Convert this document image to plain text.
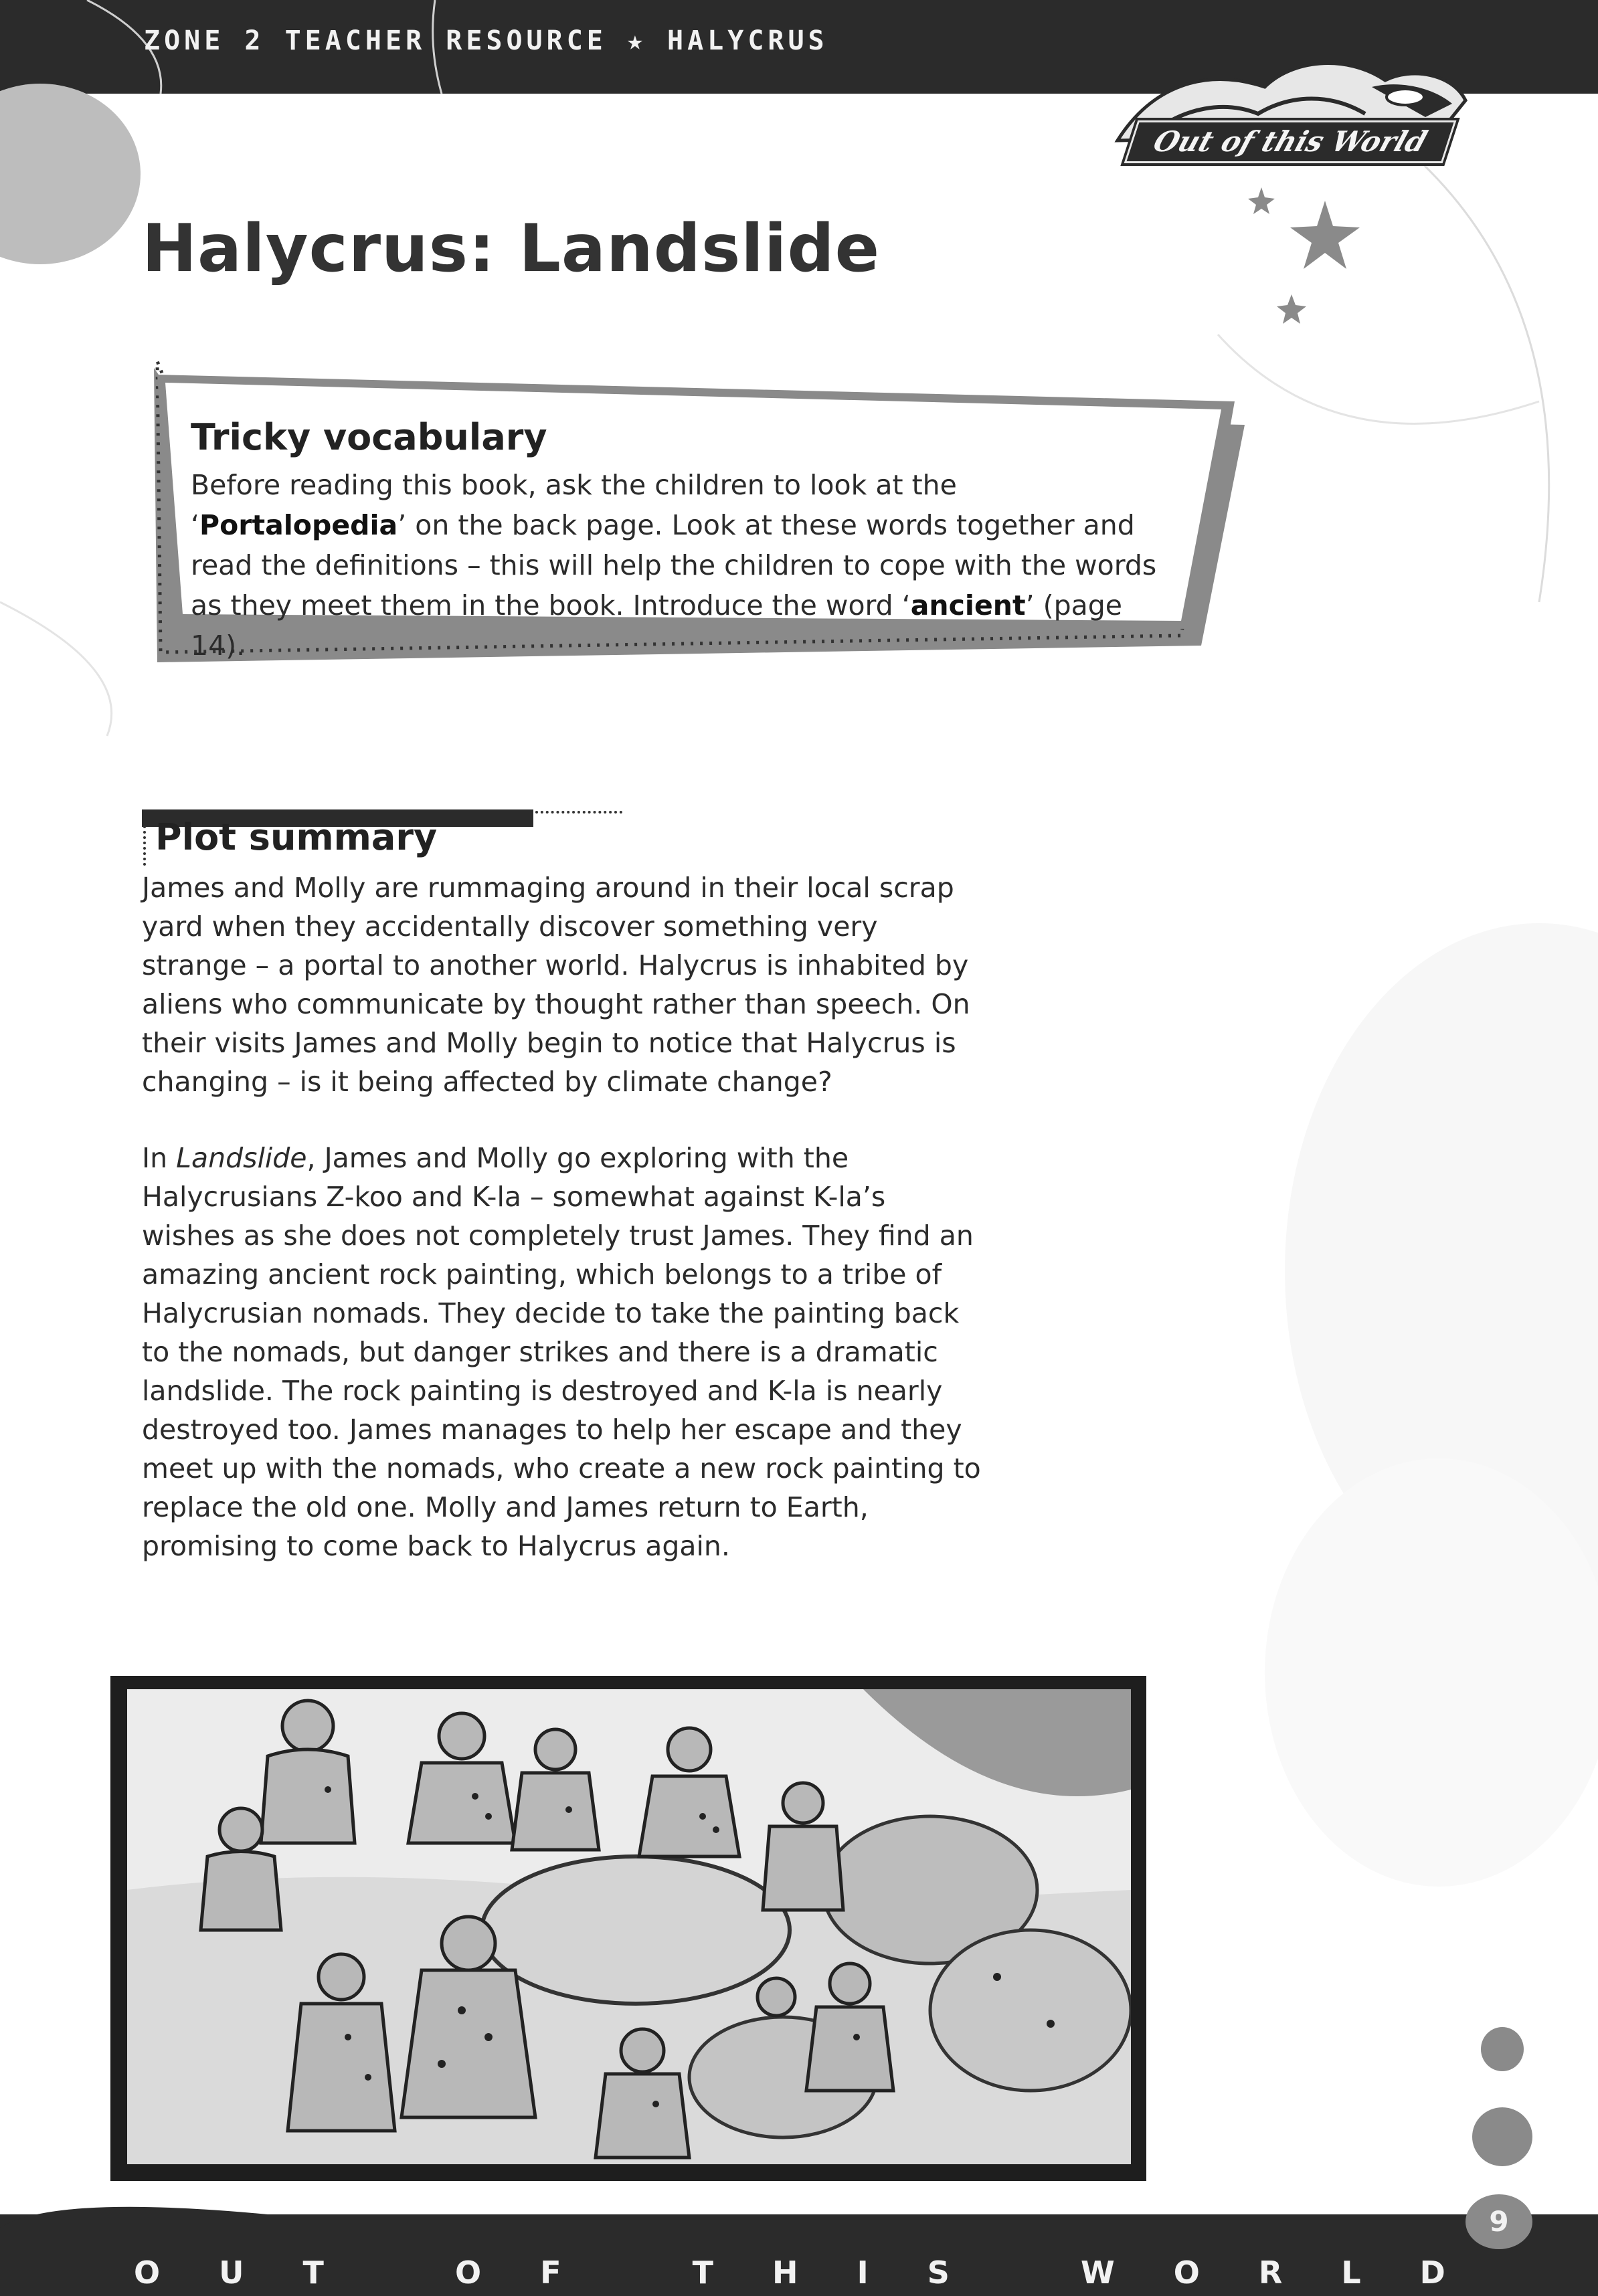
ZONE 2 TEACHER RESOURCE ★ HALYCRUS
Out of this World
Halycrus: Landslide
Tricky vocabulary
Before reading this book, ask the children to look at the ‘Portalopedia’ on the back page. Look at these words together and read the definitions – this will help the children to cope with the words as they meet them in the book. Introduce the word ‘ancient’ (page 14).
Plot summary
James and Molly are rummaging around in their local scrap yard when they accidentally discover something very strange – a portal to another world. Halycrus is inhabited by aliens who communicate by thought rather than speech. On their visits James and Molly begin to notice that Halycrus is changing – is it being affected by climate change?
In Landslide, James and Molly go exploring with the Halycrusians Z-koo and K-la – somewhat against K-la’s wishes as she does not completely trust James. They find an amazing ancient rock painting, which belongs to a tribe of Halycrusian nomads. They decide to take the painting back to the nomads, but danger strikes and there is a dramatic landslide. The rock painting is destroyed and K-la is nearly destroyed too. James manages to help her escape and they meet up with the nomads, who create a new rock painting to replace the old one. Molly and James return to Earth, promising to come back to Halycrus again.
O U T	O F	T H I S	W O R L D
9
